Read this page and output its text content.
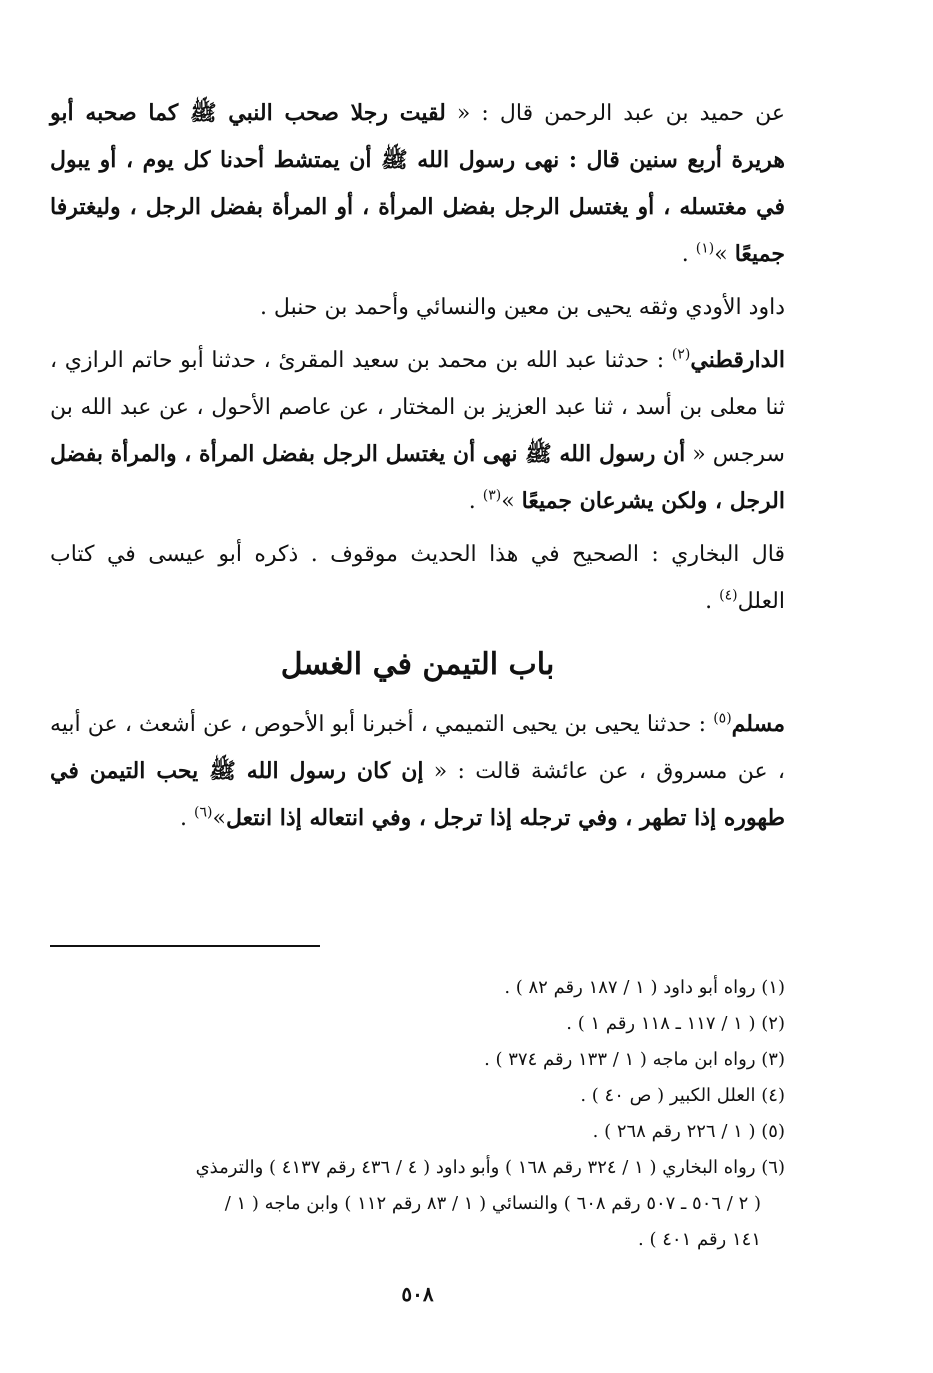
عن حميد بن عبد الرحمن قال : « لقيت رجلا صحب النبي ﷺ كما صحبه أبو هريرة أربع سنين قال : نهى رسول الله ﷺ أن يمتشط أحدنا كل يوم ، أو يبول في مغتسله ، أو يغتسل الرجل بفضل المرأة ، أو المرأة بفضل الرجل ، وليغترفا جميعًا »$^{(١)}$ .

داود الأودي وثقه يحيى بن معين والنسائي وأحمد بن حنبل .

الدارقطني$^{(٢)}$ : حدثنا عبد الله بن محمد بن سعيد المقرئ ، حدثنا أبو حاتم الرازي ، ثنا معلى بن أسد ، ثنا عبد العزيز بن المختار ، عن عاصم الأحول ، عن عبد الله بن سرجس « أن رسول الله ﷺ نهى أن يغتسل الرجل بفضل المرأة ، والمرأة بفضل الرجل ، ولكن يشرعان جميعًا »$^{(٣)}$ .

قال البخاري : الصحيح في هذا الحديث موقوف . ذكره أبو عيسى في كتاب العلل$^{(٤)}$ .

باب التيمن في الغسل

مسلم$^{(٥)}$ : حدثنا يحيى بن يحيى التميمي ، أخبرنا أبو الأحوص ، عن أشعث ، عن أبيه ، عن مسروق ، عن عائشة قالت : « إن كان رسول الله ﷺ يحب التيمن في طهوره إذا تطهر ، وفي ترجله إذا ترجل ، وفي انتعاله إذا انتعل»$^{(٦)}$ .

(١) رواه أبو داود ( ١ / ١٨٧ رقم ٨٢ ) .

(٢) ( ١ / ١١٧ ـ ١١٨ رقم ١ ) .

(٣) رواه ابن ماجه ( ١ / ١٣٣ رقم ٣٧٤ ) .

(٤) العلل الكبير ( ص ٤٠ ) .

(٥) ( ١ / ٢٢٦ رقم ٢٦٨ ) .

(٦) رواه البخاري ( ١ / ٣٢٤ رقم ١٦٨ ) وأبو داود ( ٤ / ٤٣٦ رقم ٤١٣٧ ) والترمذي
( ٢ / ٥٠٦ ـ ٥٠٧ رقم ٦٠٨ ) والنسائي ( ١ / ٨٣ رقم ١١٢ ) وابن ماجه ( ١ /
١٤١ رقم ٤٠١ ) .

٥٠٨
